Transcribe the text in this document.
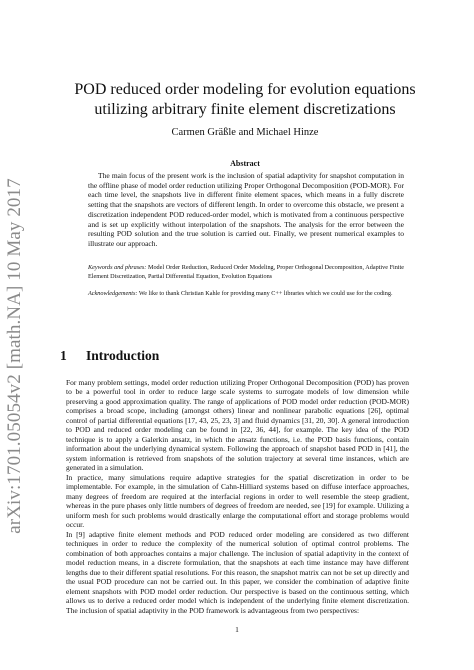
arXiv:1701.05054v2 [math.NA] 10 May 2017
POD reduced order modeling for evolution equations utilizing arbitrary finite element discretizations
Carmen Gräßle and Michael Hinze
Abstract

The main focus of the present work is the inclusion of spatial adaptivity for snapshot computation in the offline phase of model order reduction utilizing Proper Orthogonal Decomposition (POD-MOR). For each time level, the snapshots live in different finite element spaces, which means in a fully discrete setting that the snapshots are vectors of different length. In order to overcome this obstacle, we present a discretization independent POD reduced-order model, which is motivated from a continuous perspective and is set up explicitly without interpolation of the snapshots. The analysis for the error between the resulting POD solution and the true solution is carried out. Finally, we present numerical examples to illustrate our approach.

Keywords and phrases: Model Order Reduction, Reduced Order Modeling, Proper Orthogonal Decomposition, Adaptive Finite Element Discretization, Partial Differential Equation, Evolution Equations

Acknowledgements: We like to thank Christian Kahle for providing many C++ libraries which we could use for the coding.

1 Introduction

For many problem settings, model order reduction utilizing Proper Orthogonal Decomposition (POD) has proven to be a powerful tool in order to reduce large scale systems to surrogate models of low dimension while preserving a good approximation quality. The range of applications of POD model order reduction (POD-MOR) comprises a broad scope, including (amongst others) linear and nonlinear parabolic equations [26], optimal control of partial differential equations [17, 43, 25, 23, 3] and fluid dynamics [31, 20, 30]. A general introduction to POD and reduced order modeling can be found in [22, 36, 44], for example. The key idea of the POD technique is to apply a Galerkin ansatz, in which the ansatz functions, i.e. the POD basis functions, contain information about the underlying dynamical system. Following the approach of snapshot based POD in [41], the system information is retrieved from snapshots of the solution trajectory at several time instances, which are generated in a simulation.

In practice, many simulations require adaptive strategies for the spatial discretization in order to be implementable. For example, in the simulation of Cahn-Hilliard systems based on diffuse interface approaches, many degrees of freedom are required at the interfacial regions in order to well resemble the steep gradient, whereas in the pure phases only little numbers of degrees of freedom are needed, see [19] for example. Utilizing a uniform mesh for such problems would drastically enlarge the computational effort and storage problems would occur.

In [9] adaptive finite element methods and POD reduced order modeling are considered as two different techniques in order to reduce the complexity of the numerical solution of optimal control problems. The combination of both approaches contains a major challenge. The inclusion of spatial adaptivity in the context of model reduction means, in a discrete formulation, that the snapshots at each time instance may have different lengths due to their different spatial resolutions. For this reason, the snapshot matrix can not be set up directly and the usual POD procedure can not be carried out. In this paper, we consider the combination of adaptive finite element snapshots with POD model order reduction. Our perspective is based on the continuous setting, which allows us to derive a reduced order model which is independent of the underlying finite element discretization. The inclusion of spatial adaptivity in the POD framework is advantageous from two perspectives:

1
